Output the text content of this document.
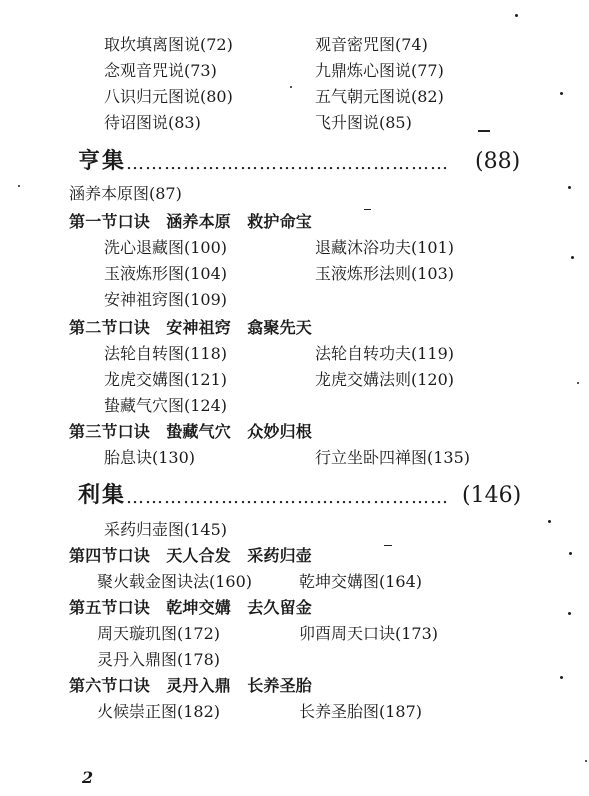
取坎填离图说(72)	观音密咒图(74)
念观音咒说(73)	九鼎炼心图说(77)
八识归元图说(80)	五气朝元图说(82)
待诏图说(83)	飞升图说(85)
亨集 ……………………………………………	(88)
涵养本原图(87)
第一节口诀　涵养本原　救护命宝
洗心退藏图(100)	退藏沐浴功夫(101)
玉液炼形图(104)	玉液炼形法则(103)
安神祖窍图(109)
第二节口诀　安神祖窍　翕聚先天
法轮自转图(118)	法轮自转功夫(119)
龙虎交媾图(121)	龙虎交媾法则(120)
蛰藏气穴图(124)
第三节口诀　蛰藏气穴　众妙归根
胎息诀(130)	行立坐卧四禅图(135)
利集 …………………………………………… (146)
采药归壶图(145)
第四节口诀　天人合发　采药归壶
聚火载金图诀法(160)	乾坤交媾图(164)
第五节口诀　乾坤交媾　去久留金
周天璇玑图(172)	卯酉周天口诀(173)
灵丹入鼎图(178)
第六节口诀　灵丹入鼎　长养圣胎
火候崇正图(182)	长养圣胎图(187)
2
